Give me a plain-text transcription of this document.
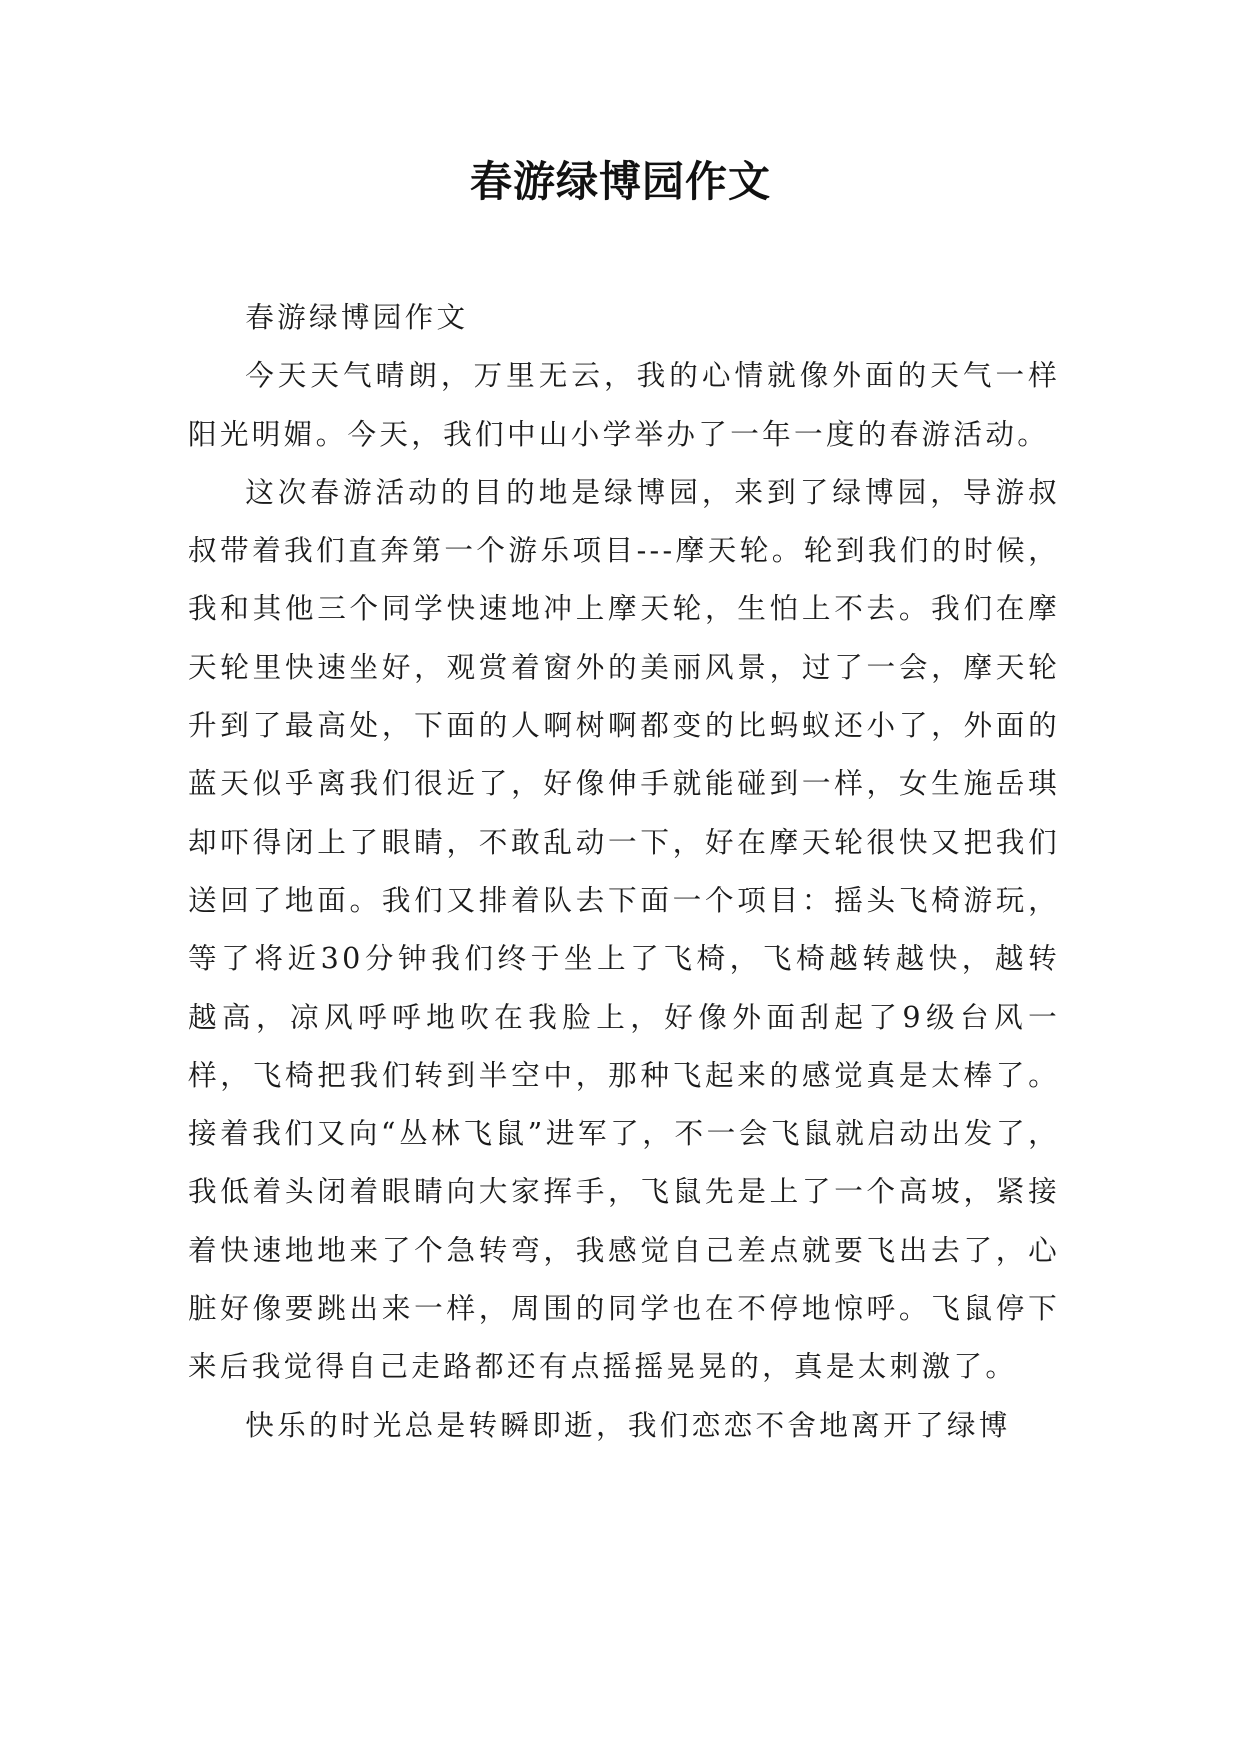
春游绿博园作文

春游绿博园作文

今天天气晴朗，万里无云，我的心情就像外面的天气一样阳光明媚。今天，我们中山小学举办了一年一度的春游活动。

这次春游活动的目的地是绿博园，来到了绿博园，导游叔叔带着我们直奔第一个游乐项目---摩天轮。轮到我们的时候，我和其他三个同学快速地冲上摩天轮，生怕上不去。我们在摩天轮里快速坐好，观赏着窗外的美丽风景，过了一会，摩天轮升到了最高处，下面的人啊树啊都变的比蚂蚁还小了，外面的蓝天似乎离我们很近了，好像伸手就能碰到一样，女生施岳琪却吓得闭上了眼睛，不敢乱动一下，好在摩天轮很快又把我们送回了地面。我们又排着队去下面一个项目：摇头飞椅游玩，等了将近30分钟我们终于坐上了飞椅，飞椅越转越快，越转越高，凉风呼呼地吹在我脸上，好像外面刮起了9级台风一样，飞椅把我们转到半空中，那种飞起来的感觉真是太棒了。接着我们又向“丛林飞鼠”进军了，不一会飞鼠就启动出发了，我低着头闭着眼睛向大家挥手，飞鼠先是上了一个高坡，紧接着快速地地来了个急转弯，我感觉自己差点就要飞出去了，心脏好像要跳出来一样，周围的同学也在不停地惊呼。飞鼠停下来后我觉得自己走路都还有点摇摇晃晃的，真是太刺激了。

快乐的时光总是转瞬即逝，我们恋恋不舍地离开了绿博
